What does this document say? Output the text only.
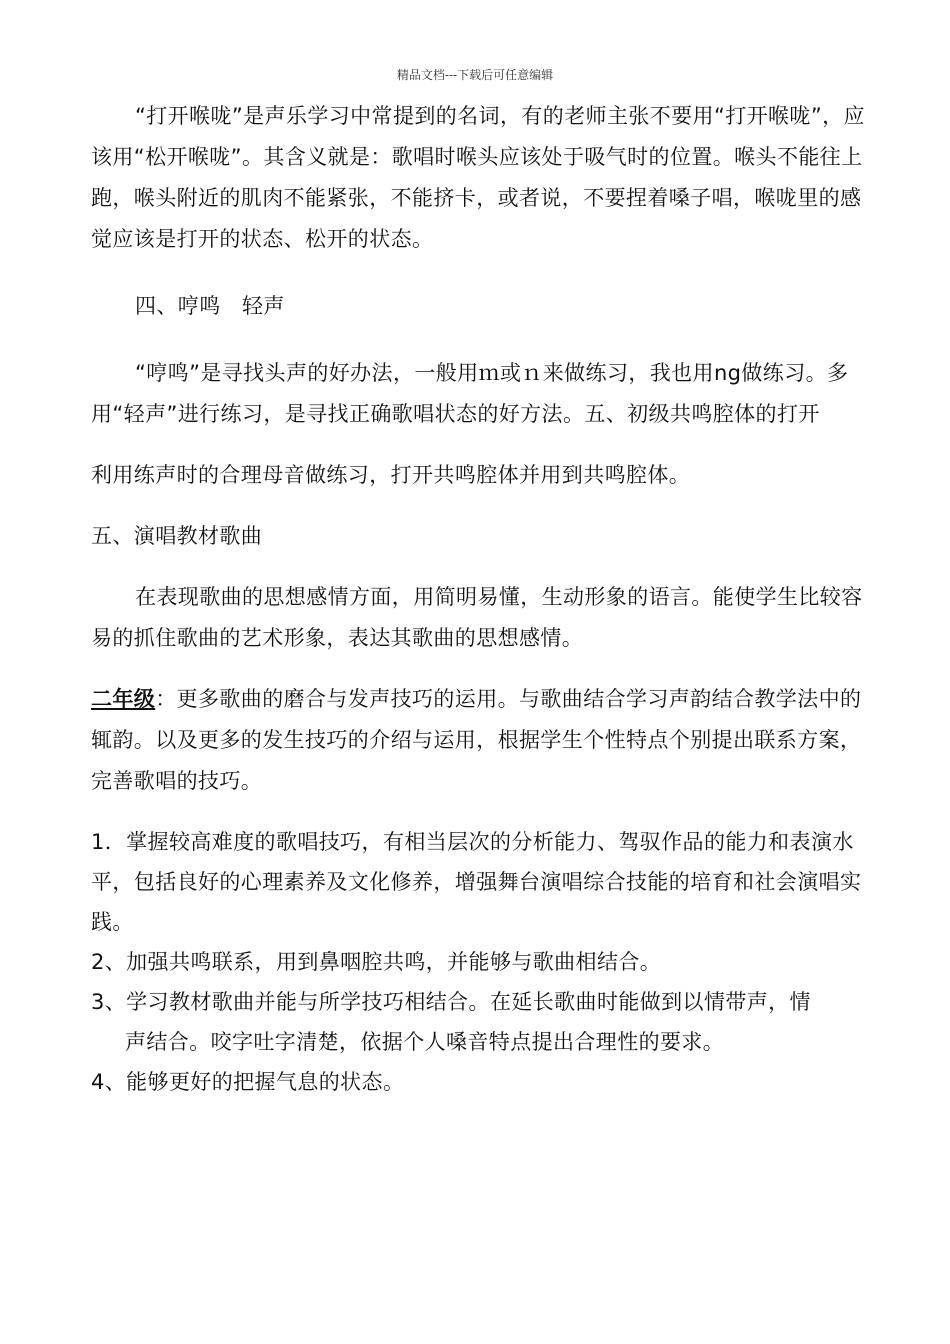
精品文档---下载后可任意编辑

“打开喉咙”是声乐学习中常提到的名词，有的老师主张不要用“打开喉咙”，应该用“松开喉咙”。其含义就是：歌唱时喉头应该处于吸气时的位置。喉头不能往上跑，喉头附近的肌肉不能紧张，不能挤卡，或者说，不要捏着嗓子唱，喉咙里的感觉应该是打开的状态、松开的状态。

四、哼鸣　轻声

“哼鸣”是寻找头声的好办法，一般用ｍ或ｎ来做练习，我也用ng做练习。多用“轻声”进行练习，是寻找正确歌唱状态的好方法。五、初级共鸣腔体的打开

利用练声时的合理母音做练习，打开共鸣腔体并用到共鸣腔体。

五、演唱教材歌曲

在表现歌曲的思想感情方面，用简明易懂，生动形象的语言。能使学生比较容易的抓住歌曲的艺术形象，表达其歌曲的思想感情。

二年级：更多歌曲的磨合与发声技巧的运用。与歌曲结合学习声韵结合教学法中的辄韵。以及更多的发生技巧的介绍与运用，根据学生个性特点个别提出联系方案，完善歌唱的技巧。

1．掌握较高难度的歌唱技巧，有相当层次的分析能力、驾驭作品的能力和表演水平，包括良好的心理素养及文化修养，增强舞台演唱综合技能的培育和社会演唱实践。

2、加强共鸣联系，用到鼻咽腔共鸣，并能够与歌曲相结合。

3、学习教材歌曲并能与所学技巧相结合。在延长歌曲时能做到以情带声，情

声结合。咬字吐字清楚，依据个人嗓音特点提出合理性的要求。

4、能够更好的把握气息的状态。
